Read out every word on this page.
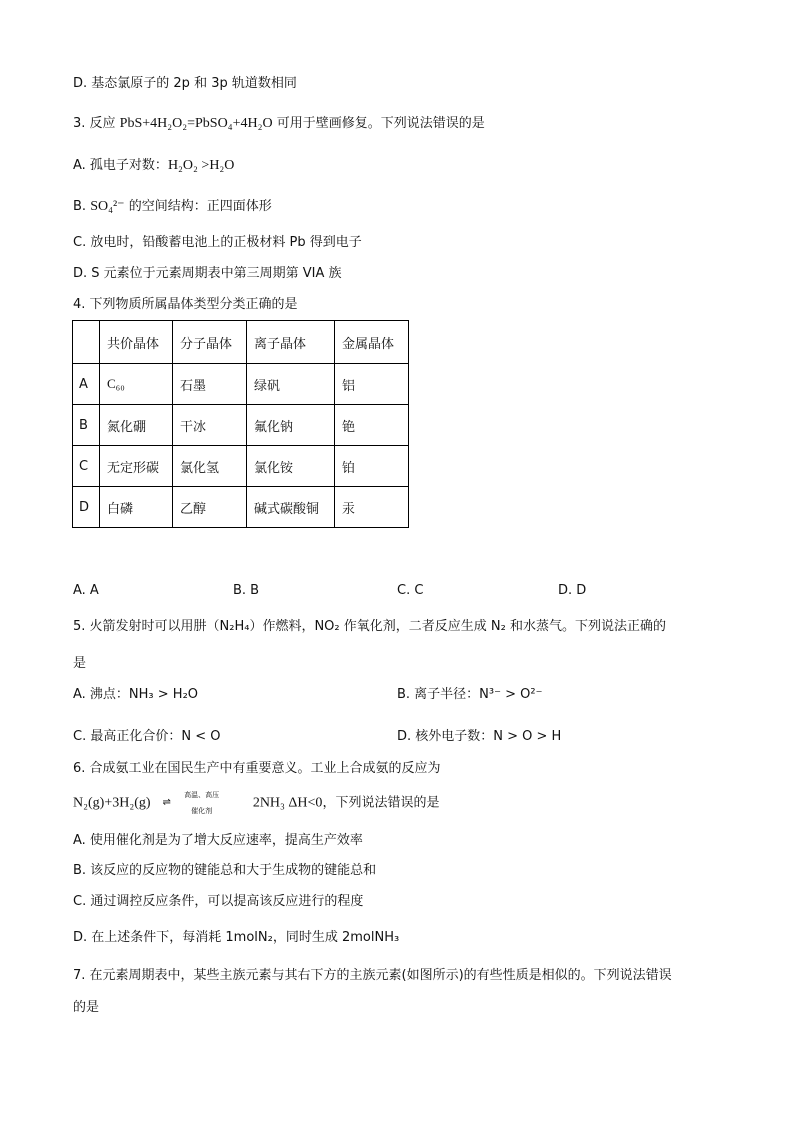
D. 基态氯原子的 2p 和 3p 轨道数相同
3. 反应 PbS+4H₂O₂=PbSO₄+4H₂O 可用于壁画修复。下列说法错误的是
A. 孤电子对数：H₂O₂ >H₂O
B. SO₄²⁻ 的空间结构：正四面体形
C. 放电时，铅酸蓄电池上的正极材料 Pb 得到电子
D. S 元素位于元素周期表中第三周期第 VIA 族
4. 下列物质所属晶体类型分类正确的是
	共价晶体	分子晶体	离子晶体	金属晶体
A	C₆₀	石墨	绿矾	铝
B	氮化硼	干冰	氟化钠	铯
C	无定形碳	氯化氢	氯化铵	铂
D	白磷	乙醇	碱式碳酸铜	汞
A. A	B. B	C. C	D. D
5. 火箭发射时可以用肼（N₂H₄）作燃料，NO₂ 作氧化剂，二者反应生成 N₂ 和水蒸气。下列说法正确的
是
A. 沸点：NH₃ > H₂O	B. 离子半径：N³⁻ > O²⁻
C. 最高正化合价：N < O	D. 核外电子数：N > O > H
6. 合成氨工业在国民生产中有重要意义。工业上合成氨的反应为
N₂(g)+3H₂(g)
高温、高压
⇌
催化剂
2NH₃ ΔH<0，下列说法错误的是
A. 使用催化剂是为了增大反应速率，提高生产效率
B. 该反应的反应物的键能总和大于生成物的键能总和
C. 通过调控反应条件，可以提高该反应进行的程度
D. 在上述条件下，每消耗 1molN₂，同时生成 2molNH₃
7. 在元素周期表中，某些主族元素与其右下方的主族元素(如图所示)的有些性质是相似的。下列说法错误
的是
